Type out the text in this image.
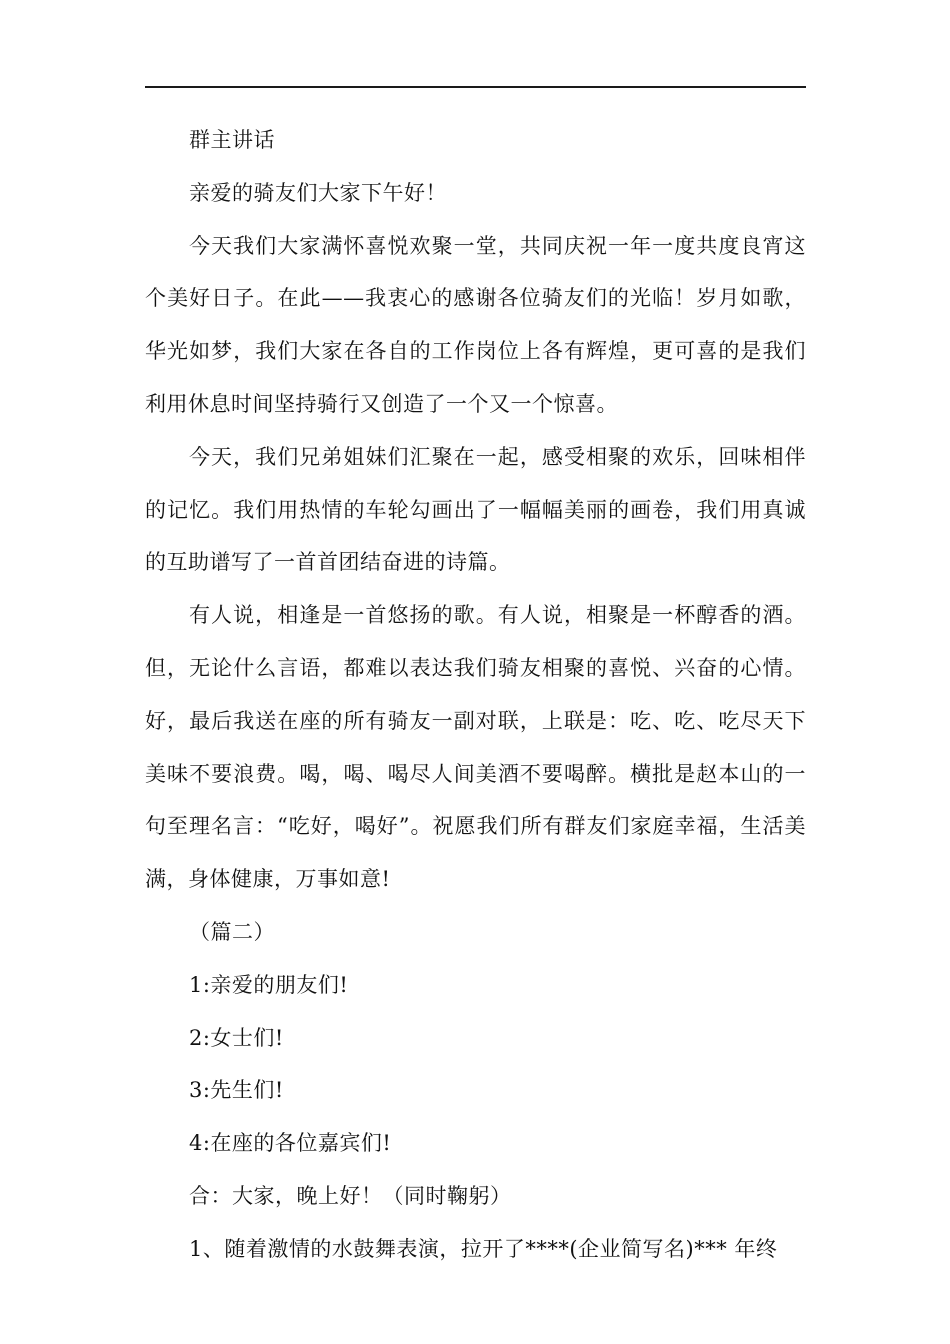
群主讲话

亲爱的骑友们大家下午好！

今天我们大家满怀喜悦欢聚一堂，共同庆祝一年一度共度良宵这个美好日子。在此——我衷心的感谢各位骑友们的光临！岁月如歌，华光如梦，我们大家在各自的工作岗位上各有辉煌，更可喜的是我们利用休息时间坚持骑行又创造了一个又一个惊喜。

今天，我们兄弟姐妹们汇聚在一起，感受相聚的欢乐，回味相伴的记忆。我们用热情的车轮勾画出了一幅幅美丽的画卷，我们用真诚的互助谱写了一首首团结奋进的诗篇。

有人说，相逢是一首悠扬的歌。有人说，相聚是一杯醇香的酒。但，无论什么言语，都难以表达我们骑友相聚的喜悦、兴奋的心情。好，最后我送在座的所有骑友一副对联，上联是：吃、吃、吃尽天下美味不要浪费。喝，喝、喝尽人间美酒不要喝醉。横批是赵本山的一句至理名言：“吃好，喝好”。祝愿我们所有群友们家庭幸福，生活美满，身体健康，万事如意!

（篇二）

1:亲爱的朋友们!

2:女士们!

3:先生们!

4:在座的各位嘉宾们!

合：大家，晚上好！（同时鞠躬）

1、随着激情的水鼓舞表演，拉开了****(企业简写名)*** 年终
